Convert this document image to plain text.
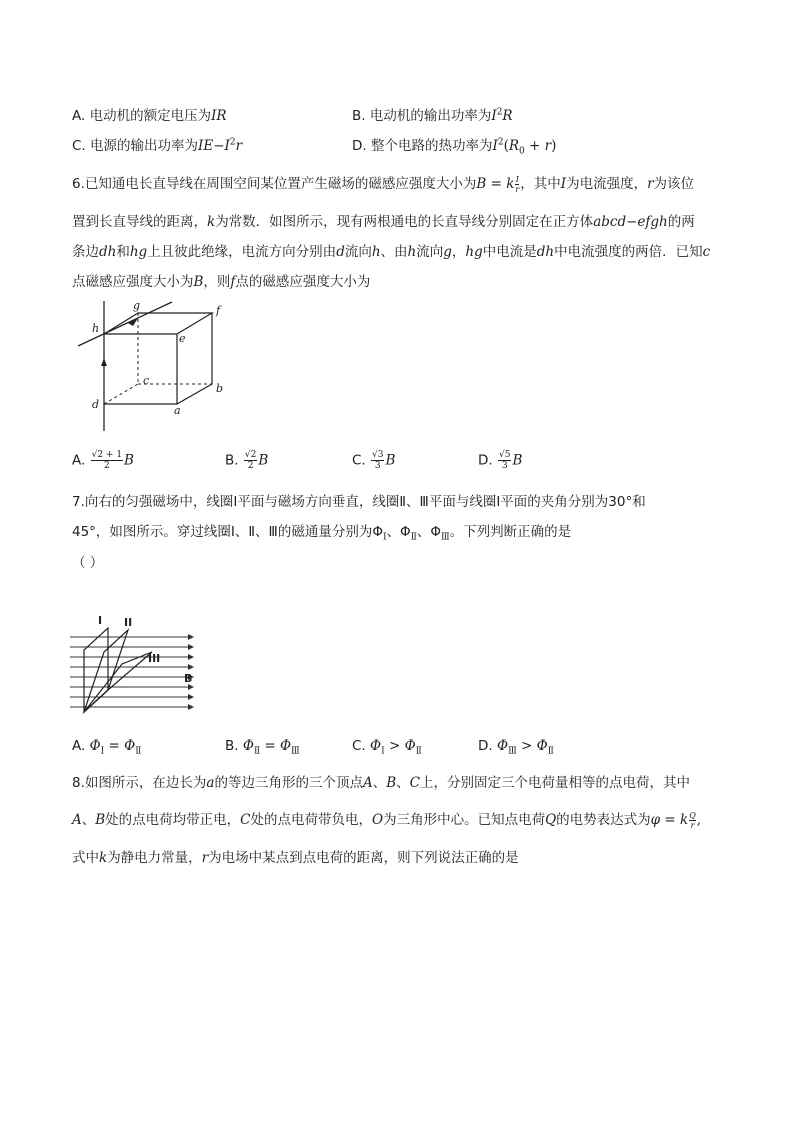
A. 电动机的额定电压为IR	B. 电动机的输出功率为$I^2R$
C. 电源的输出功率为$IE-I^2r$	D. 整个电路的热功率为$I^2(R_0 + r)$
6.已知通电长直导线在周围空间某位置产生磁场的磁感应强度大小为B = k $\frac{I}{r}$ ，其中I为电流强度，r为该位
置到长直导线的距离，k为常数．如图所示，现有两根通电的长直导线分别固定在正方体abcd−efgh的两
条边dh和hg上且彼此绝缘，电流方向分别由d流向h、由h流向g，hg中电流是dh中电流强度的两倍．已知c
点磁感应强度大小为B，则f点的磁感应强度大小为
h
g	f
e
c
b
d	a
A. $\frac{√2 + 1}{2}$ B	B. $\frac{√2}{2}$ B	C. $\frac{√3}{3}$ B	D. $\frac{√5}{3}$ B
7.向右的匀强磁场中，线圈Ⅰ平面与磁场方向垂直，线圈Ⅱ、Ⅲ平面与线圈Ⅰ平面的夹角分别为30°和
45°，如图所示。穿过线圈Ⅰ、Ⅱ、Ⅲ的磁通量分别为$\Phi_Ⅰ$、$\Phi_Ⅱ$、$\Phi_Ⅲ$。下列判断正确的是
（ ）
I II
III
B
A. $\Phi_Ⅰ = \Phi_Ⅱ$	B. $\Phi_Ⅱ = \Phi_Ⅲ$	C. $\Phi_Ⅰ > \Phi_Ⅱ$	D. $\Phi_Ⅲ > \Phi_Ⅱ$
8.如图所示，在边长为a的等边三角形的三个顶点A、B、C上，分别固定三个电荷量相等的点电荷，其中
A、B处的点电荷均带正电，C处的点电荷带负电，O为三角形中心。已知点电荷Q的电势表达式为φ = k $\frac{Q}{r}$ ,
式中k为静电力常量，r为电场中某点到点电荷的距离，则下列说法正确的是
